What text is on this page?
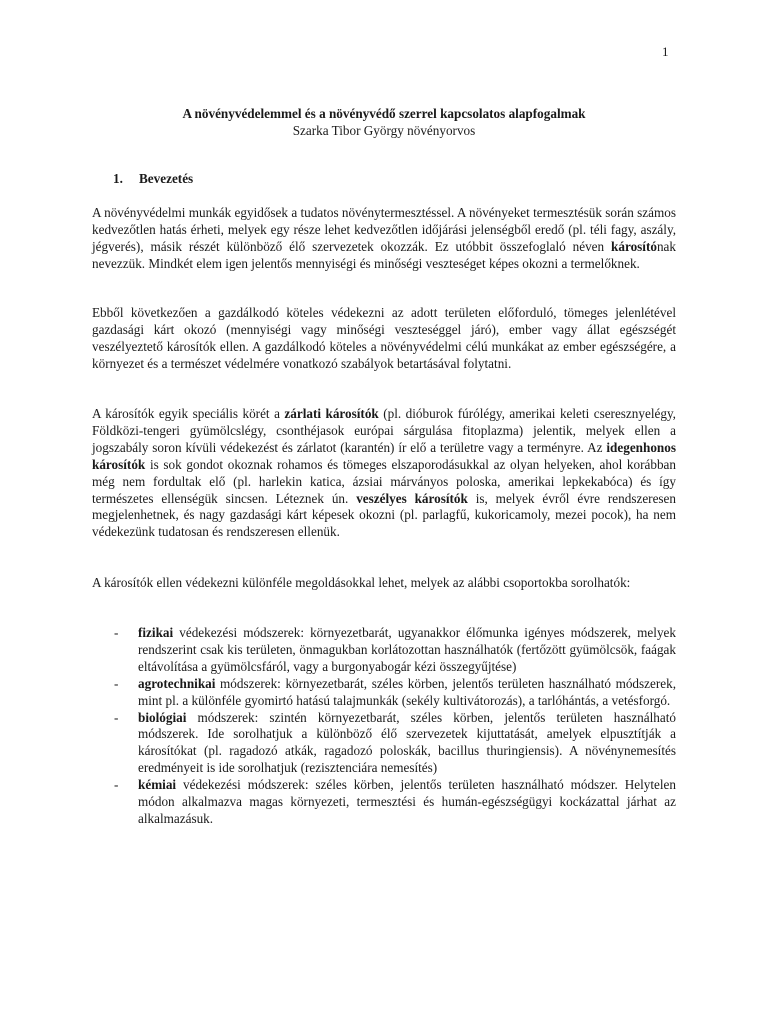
1
A növényvédelemmel és a növényvédő szerrel kapcsolatos alapfogalmak
Szarka Tibor György növényorvos
1. Bevezetés

A növényvédelmi munkák egyidősek a tudatos növénytermesztéssel. A növényeket termesztésük során számos kedvezőtlen hatás érheti, melyek egy része lehet kedvezőtlen időjárási jelenségből eredő (pl. téli fagy, aszály, jégverés), másik részét különböző élő szervezetek okozzák. Ez utóbbit összefoglaló néven károsítónak nevezzük. Mindkét elem igen jelentős mennyiségi és minőségi veszteséget képes okozni a termelőknek.

Ebből következően a gazdálkodó köteles védekezni az adott területen előforduló, tömeges jelenlétével gazdasági kárt okozó (mennyiségi vagy minőségi veszteséggel járó), ember vagy állat egészségét veszélyeztető károsítók ellen. A gazdálkodó köteles a növényvédelmi célú munkákat az ember egészségére, a környezet és a természet védelmére vonatkozó szabályok betartásával folytatni.

A károsítók egyik speciális körét a zárlati károsítók (pl. dióburok fúrólégy, amerikai keleti cseresznyelégy, Földközi-tengeri gyümölcslégy, csonthéjasok európai sárgulása fitoplazma) jelentik, melyek ellen a jogszabály soron kívüli védekezést és zárlatot (karantén) ír elő a területre vagy a terményre. Az idegenhonos károsítók is sok gondot okoznak rohamos és tömeges elszaporodásukkal az olyan helyeken, ahol korábban még nem fordultak elő (pl. harlekin katica, ázsiai márványos poloska, amerikai lepkekabóca) és így természetes ellenségük sincsen. Léteznek ún. veszélyes károsítók is, melyek évről évre rendszeresen megjelenhetnek, és nagy gazdasági kárt képesek okozni (pl. parlagfű, kukoricamoly, mezei pocok), ha nem védekezünk tudatosan és rendszeresen ellenük.

A károsítók ellen védekezni különféle megoldásokkal lehet, melyek az alábbi csoportokba sorolhatók:

- fizikai védekezési módszerek: környezetbarát, ugyanakkor élőmunka igényes módszerek, melyek rendszerint csak kis területen, önmagukban korlátozottan használhatók (fertőzött gyümölcsök, faágak eltávolítása a gyümölcsfáról, vagy a burgonyabogár kézi összegyűjtése)
- agrotechnikai módszerek: környezetbarát, széles körben, jelentős területen használható módszerek, mint pl. a különféle gyomirtó hatású talajmunkák (sekély kultivátorozás), a tarlóhántás, a vetésforgó.
- biológiai módszerek: szintén környezetbarát, széles körben, jelentős területen használható módszerek. Ide sorolhatjuk a különböző élő szervezetek kijuttatását, amelyek elpusztítják a károsítókat (pl. ragadozó atkák, ragadozó poloskák, bacillus thuringiensis). A növénynemesítés eredményeit is ide sorolhatjuk (rezisztenciára nemesítés)
- kémiai védekezési módszerek: széles körben, jelentős területen használható módszer. Helytelen módon alkalmazva magas környezeti, termesztési és humán-egészségügyi kockázattal járhat az alkalmazásuk.
